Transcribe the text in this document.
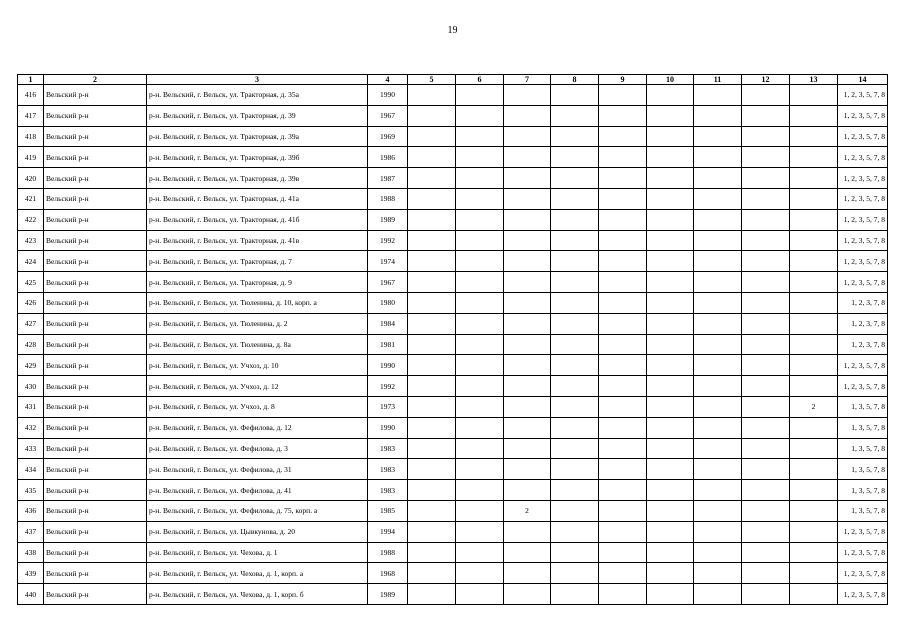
19
1	2	3	4	5	6	7	8	9	10	11	12	13	14
416	Вельский р-н	р-н. Вельский, г. Вельск, ул. Тракторная, д. 35а	1990										1, 2, 3, 5, 7, 8
417	Вельский р-н	р-н. Вельский, г. Вельск, ул. Тракторная, д. 39	1967										1, 2, 3, 5, 7, 8
418	Вельский р-н	р-н. Вельский, г. Вельск, ул. Тракторная, д. 39а	1969										1, 2, 3, 5, 7, 8
419	Вельский р-н	р-н. Вельский, г. Вельск, ул. Тракторная, д. 39б	1986										1, 2, 3, 5, 7, 8
420	Вельский р-н	р-н. Вельский, г. Вельск, ул. Тракторная, д. 39в	1987										1, 2, 3, 5, 7, 8
421	Вельский р-н	р-н. Вельский, г. Вельск, ул. Тракторная, д. 41а	1988										1, 2, 3, 5, 7, 8
422	Вельский р-н	р-н. Вельский, г. Вельск, ул. Тракторная, д. 41б	1989										1, 2, 3, 5, 7, 8
423	Вельский р-н	р-н. Вельский, г. Вельск, ул. Тракторная, д. 41в	1992										1, 2, 3, 5, 7, 8
424	Вельский р-н	р-н. Вельский, г. Вельск, ул. Тракторная, д. 7	1974										1, 2, 3, 5, 7, 8
425	Вельский р-н	р-н. Вельский, г. Вельск, ул. Тракторная, д. 9	1967										1, 2, 3, 5, 7, 8
426	Вельский р-н	р-н. Вельский, г. Вельск, ул. Тюленина, д. 10, корп. а	1980										1, 2, 3, 7, 8
427	Вельский р-н	р-н. Вельский, г. Вельск, ул. Тюленина, д. 2	1984										1, 2, 3, 7, 8
428	Вельский р-н	р-н. Вельский, г. Вельск, ул. Тюленина, д. 8а	1981										1, 2, 3, 7, 8
429	Вельский р-н	р-н. Вельский, г. Вельск, ул. Учхоз, д. 10	1990										1, 2, 3, 5, 7, 8
430	Вельский р-н	р-н. Вельский, г. Вельск, ул. Учхоз, д. 12	1992										1, 2, 3, 5, 7, 8
431	Вельский р-н	р-н. Вельский, г. Вельск, ул. Учхоз, д. 8	1973									2	1, 3, 5, 7, 8
432	Вельский р-н	р-н. Вельский, г. Вельск, ул. Фефилова, д. 12	1990										1, 3, 5, 7, 8
433	Вельский р-н	р-н. Вельский, г. Вельск, ул. Фефилова, д. 3	1983										1, 3, 5, 7, 8
434	Вельский р-н	р-н. Вельский, г. Вельск, ул. Фефилова, д. 31	1983										1, 3, 5, 7, 8
435	Вельский р-н	р-н. Вельский, г. Вельск, ул. Фефилова, д. 41	1983										1, 3, 5, 7, 8
436	Вельский р-н	р-н. Вельский, г. Вельск, ул. Фефилова, д. 75, корп. а	1985			2							1, 3, 5, 7, 8
437	Вельский р-н	р-н. Вельский, г. Вельск, ул. Цывкунова, д. 20	1994										1, 2, 3, 5, 7, 8
438	Вельский р-н	р-н. Вельский, г. Вельск, ул. Чехова, д. 1	1988										1, 2, 3, 5, 7, 8
439	Вельский р-н	р-н. Вельский, г. Вельск, ул. Чехова, д. 1, корп. а	1968										1, 2, 3, 5, 7, 8
440	Вельский р-н	р-н. Вельский, г. Вельск, ул. Чехова, д. 1, корп. б	1989										1, 2, 3, 5, 7, 8
